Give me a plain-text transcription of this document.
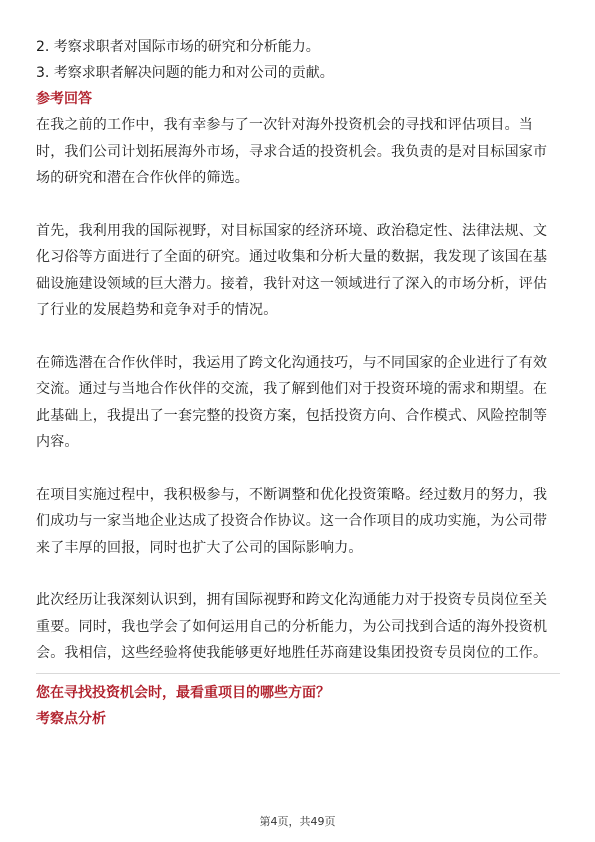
2. 考察求职者对国际市场的研究和分析能力。
3. 考察求职者解决问题的能力和对公司的贡献。
参考回答
在我之前的工作中，我有幸参与了一次针对海外投资机会的寻找和评估项目。当
时，我们公司计划拓展海外市场，寻求合适的投资机会。我负责的是对目标国家市
场的研究和潜在合作伙伴的筛选。
首先，我利用我的国际视野，对目标国家的经济环境、政治稳定性、法律法规、文
化习俗等方面进行了全面的研究。通过收集和分析大量的数据，我发现了该国在基
础设施建设领域的巨大潜力。接着，我针对这一领域进行了深入的市场分析，评估
了行业的发展趋势和竞争对手的情况。
在筛选潜在合作伙伴时，我运用了跨文化沟通技巧，与不同国家的企业进行了有效
交流。通过与当地合作伙伴的交流，我了解到他们对于投资环境的需求和期望。在
此基础上，我提出了一套完整的投资方案，包括投资方向、合作模式、风险控制等
内容。
在项目实施过程中，我积极参与，不断调整和优化投资策略。经过数月的努力，我
们成功与一家当地企业达成了投资合作协议。这一合作项目的成功实施，为公司带
来了丰厚的回报，同时也扩大了公司的国际影响力。
此次经历让我深刻认识到，拥有国际视野和跨文化沟通能力对于投资专员岗位至关
重要。同时，我也学会了如何运用自己的分析能力，为公司找到合适的海外投资机
会。我相信，这些经验将使我能够更好地胜任苏商建设集团投资专员岗位的工作。
您在寻找投资机会时，最看重项目的哪些方面？
考察点分析
第4页，共49页
